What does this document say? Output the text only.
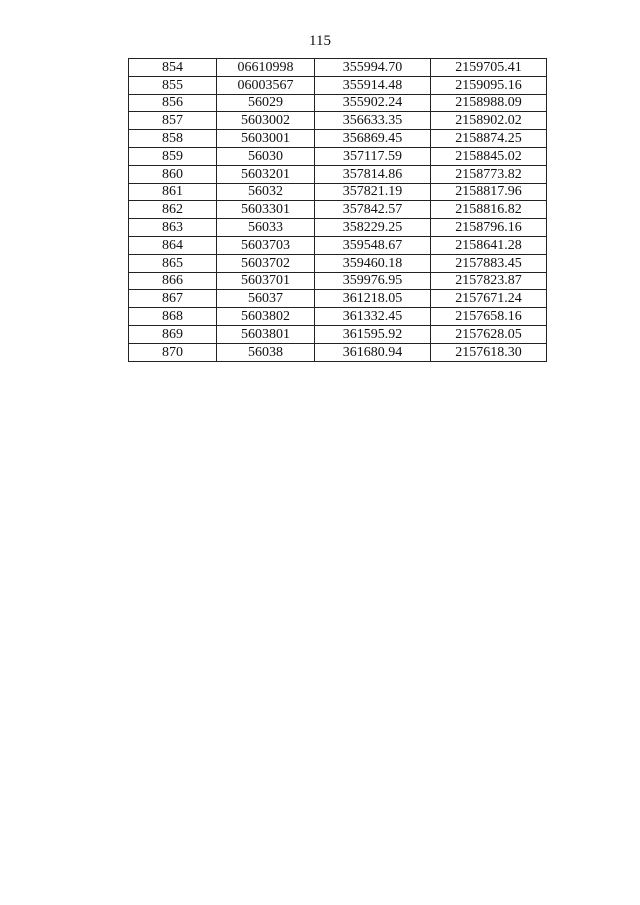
115
854	06610998	355994.70	2159705.41
855	06003567	355914.48	2159095.16
856	56029	355902.24	2158988.09
857	5603002	356633.35	2158902.02
858	5603001	356869.45	2158874.25
859	56030	357117.59	2158845.02
860	5603201	357814.86	2158773.82
861	56032	357821.19	2158817.96
862	5603301	357842.57	2158816.82
863	56033	358229.25	2158796.16
864	5603703	359548.67	2158641.28
865	5603702	359460.18	2157883.45
866	5603701	359976.95	2157823.87
867	56037	361218.05	2157671.24
868	5603802	361332.45	2157658.16
869	5603801	361595.92	2157628.05
870	56038	361680.94	2157618.30
